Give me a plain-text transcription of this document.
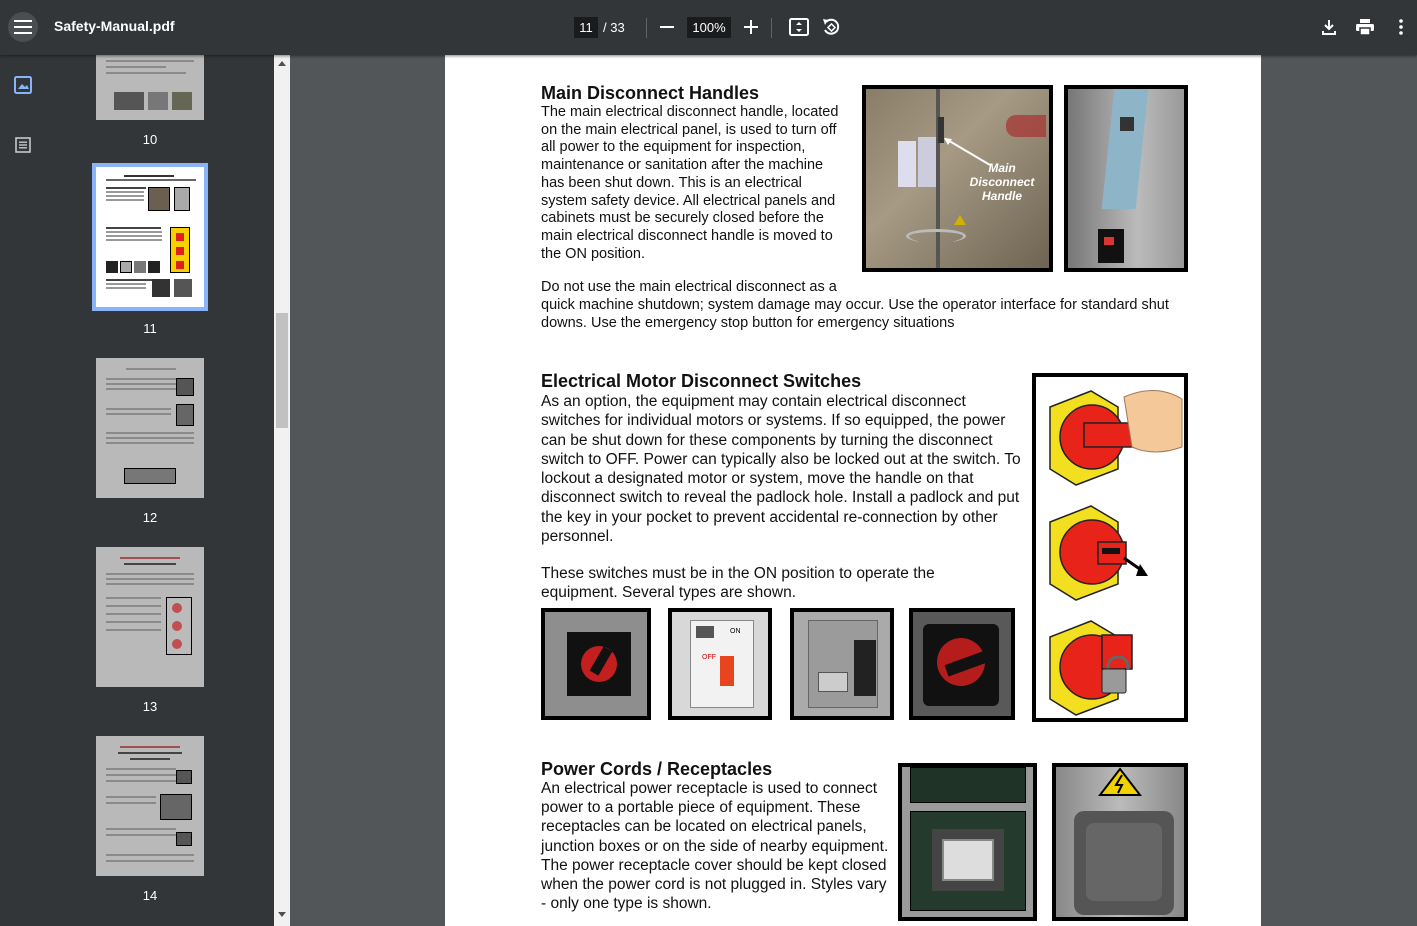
Safety-Manual.pdf	11 / 33	100%
10
11
12
13
14
Main Disconnect Handles
The main electrical disconnect handle, located on the main electrical panel, is used to turn off all power to the equipment for inspection, maintenance or sanitation after the machine has been shut down. This is an electrical system safety device. All electrical panels and cabinets must be securely closed before the main electrical disconnect handle is moved to the ON position.
Do not use the main electrical disconnect as a
quick machine shutdown; system damage may occur. Use the operator interface for standard shut downs. Use the emergency stop button for emergency situations
Main Disconnect Handle
Electrical Motor Disconnect Switches
As an option, the equipment may contain electrical disconnect switches for individual motors or systems. If so equipped, the power can be shut down for these components by turning the disconnect switch to OFF. Power can typically also be locked out at the switch. To lockout a designated motor or system, move the handle on that disconnect switch to reveal the padlock hole. Install a padlock and put the key in your pocket to prevent accidental re-connection by other personnel.
These switches must be in the ON position to operate the equipment. Several types are shown.
ON
OFF
Power Cords / Receptacles
An electrical power receptacle is used to connect power to a portable piece of equipment. These receptacles can be located on electrical panels, junction boxes or on the side of nearby equipment. The power receptacle cover should be kept closed when the power cord is not plugged in. Styles vary - only one type is shown.
